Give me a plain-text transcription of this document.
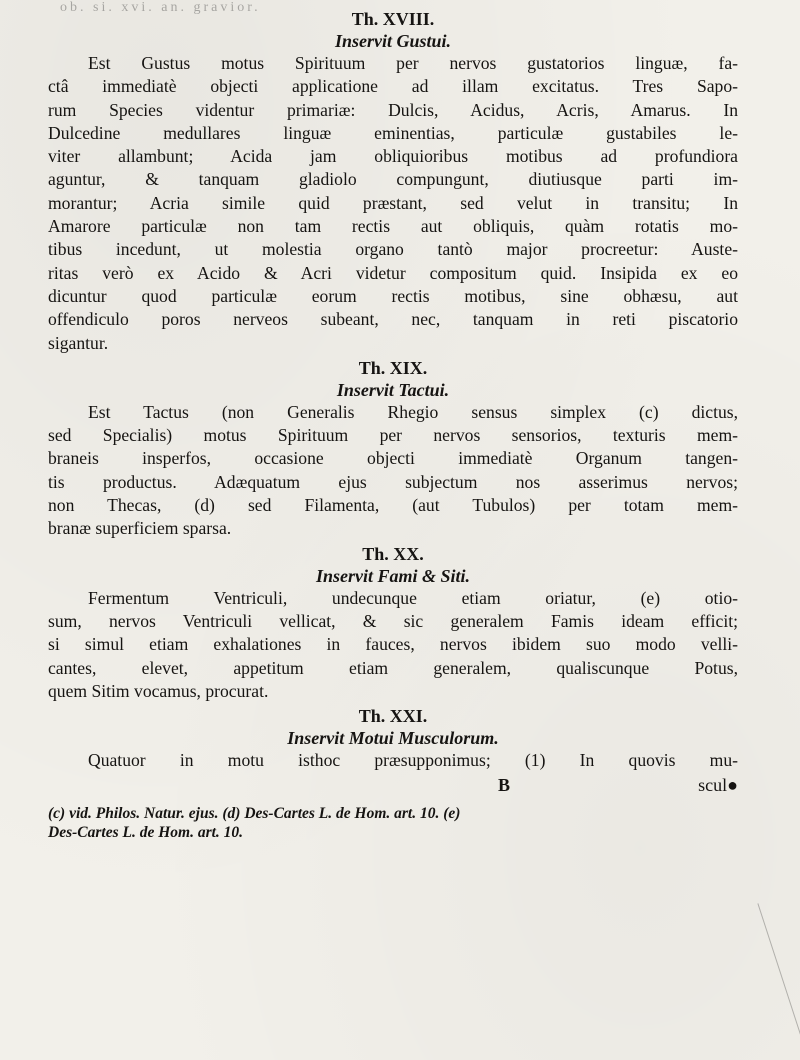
ob. si. xvi. an. gravior.
Th. XVIII.
Inservit Gustui.

Est Gustus motus Spirituum per nervos gustatorios linguæ, fa-
ctâ immediatè objecti applicatione ad illam excitatus. Tres Sapo-
rum Species videntur primariæ: Dulcis, Acidus, Acris, Amarus. In
Dulcedine medullares linguæ eminentias, particulæ gustabiles le-
viter allambunt; Acida jam obliquioribus motibus ad profundiora
aguntur, & tanquam gladiolo compungunt, diutiusque parti im-
morantur; Acria simile quid præstant, sed velut in transitu; In
Amarore particulæ non tam rectis aut obliquis, quàm rotatis mo-
tibus incedunt, ut molestia organo tantò major procreetur: Auste-
ritas verò ex Acido & Acri videtur compositum quid. Insipida ex eo
dicuntur quod particulæ eorum rectis motibus, sine obhæsu, aut
offendiculo poros nerveos subeant, nec, tanquam in reti piscatorio
sigantur.

Th. XIX.
Inservit Tactui.

Est Tactus (non Generalis Rhegio sensus simplex (c) dictus,
sed Specialis) motus Spirituum per nervos sensorios, texturis mem-
braneis insperfos, occasione objecti immediatè Organum tangen-
tis productus. Adæquatum ejus subjectum nos asserimus nervos;
non Thecas, (d) sed Filamenta, (aut Tubulos) per totam mem-
branæ superficiem sparsa.

Th. XX.
Inservit Fami & Siti.

Fermentum Ventriculi, undecunque etiam oriatur, (e) otio-
sum, nervos Ventriculi vellicat, & sic generalem Famis ideam efficit;
si simul etiam exhalationes in fauces, nervos ibidem suo modo velli-
cantes, elevet, appetitum etiam generalem, qualiscunque Potus,
quem Sitim vocamus, procurat.

Th. XXI.
Inservit Motui Musculorum.

Quatuor in motu isthoc præsupponimus; (1) In quovis mu-

B	scul●
(c) vid. Philos. Natur. ejus. (d) Des-Cartes L. de Hom. art. 10. (e)
Des-Cartes L. de Hom. art. 10.
